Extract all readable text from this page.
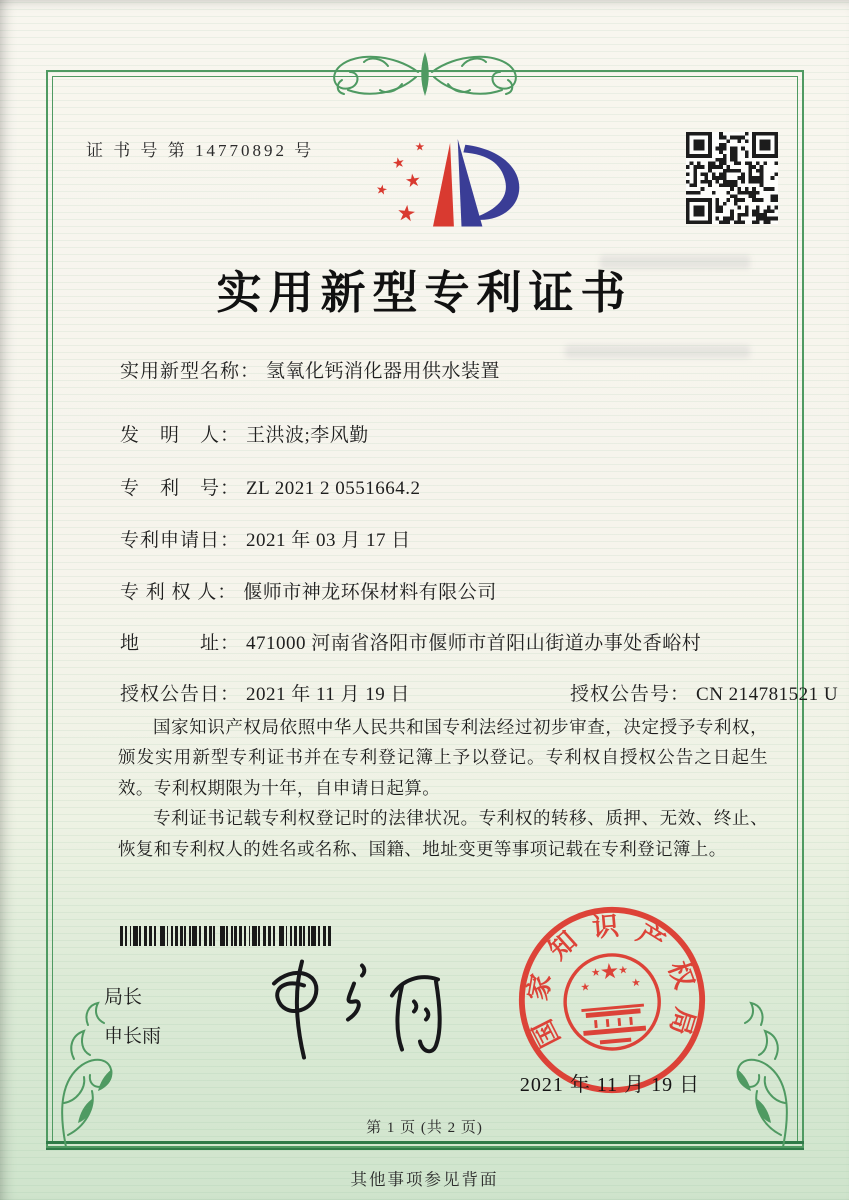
证 书 号 第 14770892 号	★
★
★ ★
★
实用新型专利证书
实用新型名称： 氢氧化钙消化器用供水装置
发　明　人： 王洪波;李风勤
专　利　号： ZL 2021 2 0551664.2
专利申请日： 2021 年 03 月 17 日
专 利 权 人： 偃师市神龙环保材料有限公司
地　　　址： 471000 河南省洛阳市偃师市首阳山街道办事处香峪村
授权公告日： 2021 年 11 月 19 日	授权公告号： CN 214781521 U

国家知识产权局依照中华人民共和国专利法经过初步审查，决定授予专利权，颁发实用新型专利证书并在专利登记簿上予以登记。专利权自授权公告之日起生效。专利权期限为十年，自申请日起算。

专利证书记载专利权登记时的法律状况。专利权的转移、质押、无效、终止、恢复和专利权人的姓名或名称、国籍、地址变更等事项记载在专利登记簿上。

局长
申长雨	国
家
知 识 产
权
局
★
★
★ ★
★
2021 年 11 月 19 日
第 1 页 (共 2 页)
其他事项参见背面
